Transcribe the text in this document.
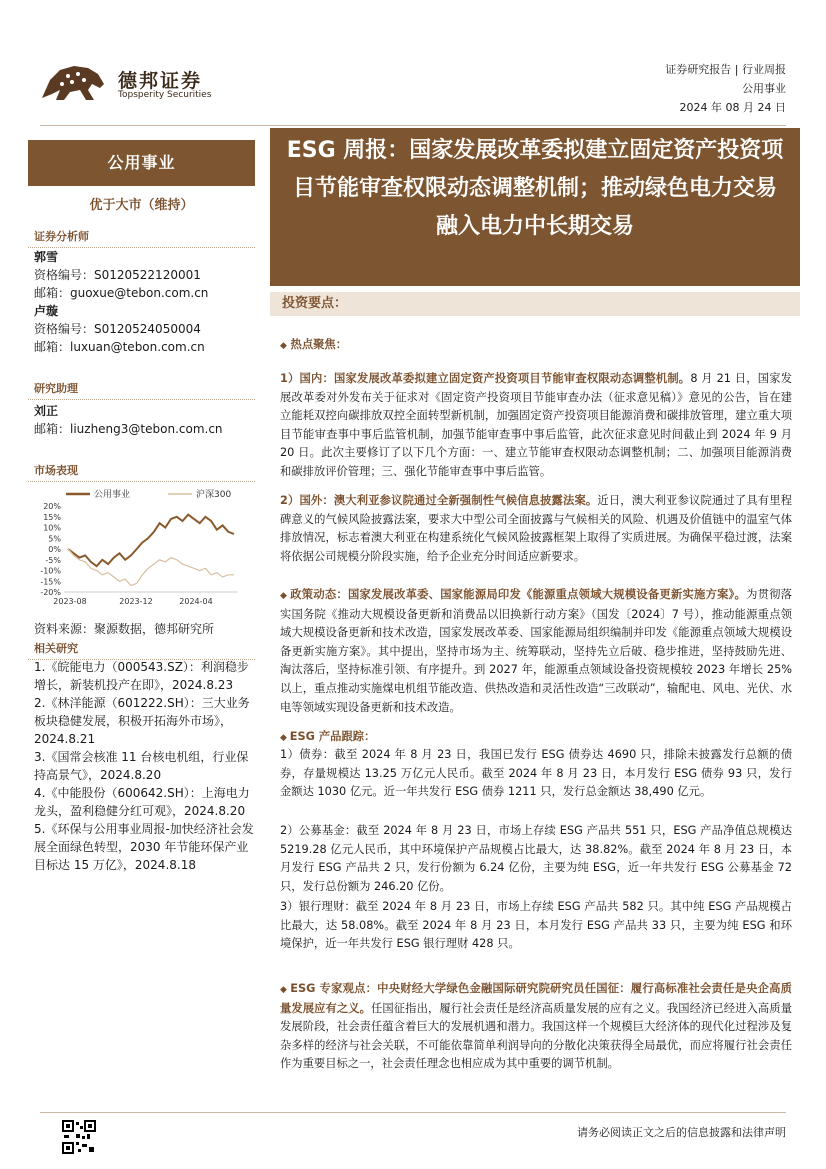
德邦证券
Topsperity Securities
证券研究报告 | 行业周报
公用事业
2024 年 08 月 24 日
公用事业
优于大市（维持）
证券分析师
郭雪
资格编号：S0120522120001
邮箱：guoxue@tebon.com.cn
卢璇
资格编号：S0120524050004
邮箱：luxuan@tebon.com.cn
研究助理
刘正
邮箱：liuzheng3@tebon.com.cn
市场表现
公用事业	沪深300
20%
15%
10%
5%
0%
-5%
-10%
-15%
-20%
2023-08	2023-12	2024-04
资料来源：聚源数据，德邦研究所
相关研究
1.《皖能电力（000543.SZ）：利润稳步增长，新装机投产在即》，2024.8.23
2.《林洋能源（601222.SH）：三大业务板块稳健发展，积极开拓海外市场》，2024.8.21
3.《国常会核准 11 台核电机组，行业保持高景气》，2024.8.20
4.《中能股份（600642.SH）：上海电力龙头，盈利稳健分红可观》，2024.8.20
5.《环保与公用事业周报-加快经济社会发展全面绿色转型，2030 年节能环保产业目标达 15 万亿》，2024.8.18
ESG 周报：国家发展改革委拟建立固定资产投资项目节能审查权限动态调整机制；推动绿色电力交易融入电力中长期交易
投资要点：
◆ 热点聚焦：
1）国内：国家发展改革委拟建立固定资产投资项目节能审查权限动态调整机制。8 月 21 日，国家发展改革委对外发布关于征求对《固定资产投资项目节能审查办法（征求意见稿）》意见的公告，旨在建立能耗双控向碳排放双控全面转型新机制，加强固定资产投资项目能源消费和碳排放管理，建立重大项目节能审查事中事后监管机制，加强节能审查事中事后监管，此次征求意见时间截止到 2024 年 9 月 20 日。此次主要修订了以下几个方面：一、建立节能审查权限动态调整机制；二、加强项目能源消费和碳排放评价管理；三、强化节能审查事中事后监管。
2）国外：澳大利亚参议院通过全新强制性气候信息披露法案。近日，澳大利亚参议院通过了具有里程碑意义的气候风险披露法案，要求大中型公司全面披露与气候相关的风险、机遇及价值链中的温室气体排放情况，标志着澳大利亚在构建系统化气候风险披露框架上取得了实质进展。为确保平稳过渡，法案将依据公司规模分阶段实施，给予企业充分时间适应新要求。
◆ 政策动态：国家发展改革委、国家能源局印发《能源重点领域大规模设备更新实施方案》。为贯彻落实国务院《推动大规模设备更新和消费品以旧换新行动方案》（国发〔2024〕7 号），推动能源重点领域大规模设备更新和技术改造，国家发展改革委、国家能源局组织编制并印发《能源重点领域大规模设备更新实施方案》。其中提出，坚持市场为主、统筹联动，坚持先立后破、稳步推进，坚持鼓励先进、淘汰落后，坚持标准引领、有序提升。到 2027 年，能源重点领域设备投资规模较 2023 年增长 25%以上，重点推动实施煤电机组节能改造、供热改造和灵活性改造“三改联动”，输配电、风电、光伏、水电等领域实现设备更新和技术改造。
◆ ESG 产品跟踪：
1）债券：截至 2024 年 8 月 23 日，我国已发行 ESG 债券达 4690 只，排除未披露发行总额的债券，存量规模达 13.25 万亿元人民币。截至 2024 年 8 月 23 日，本月发行 ESG 债券 93 只，发行金额达 1030 亿元。近一年共发行 ESG 债券 1211 只，发行总金额达 38,490 亿元。
2）公募基金：截至 2024 年 8 月 23 日，市场上存续 ESG 产品共 551 只，ESG 产品净值总规模达 5219.28 亿元人民币，其中环境保护产品规模占比最大，达 38.82%。截至 2024 年 8 月 23 日，本月发行 ESG 产品共 2 只，发行份额为 6.24 亿份，主要为纯 ESG，近一年共发行 ESG 公募基金 72 只，发行总份额为 246.20 亿份。
3）银行理财：截至 2024 年 8 月 23 日，市场上存续 ESG 产品共 582 只。其中纯 ESG 产品规模占比最大，达 58.08%。截至 2024 年 8 月 23 日，本月发行 ESG 产品共 33 只，主要为纯 ESG 和环境保护，近一年共发行 ESG 银行理财 428 只。
◆ ESG 专家观点：中央财经大学绿色金融国际研究院研究员任国征：履行高标准社会责任是央企高质量发展应有之义。任国征指出，履行社会责任是经济高质量发展的应有之义。我国经济已经进入高质量发展阶段，社会责任蕴含着巨大的发展机遇和潜力。我国这样一个规模巨大经济体的现代化过程涉及复杂多样的经济与社会关联，不可能依靠简单利润导向的分散化决策获得全局最优，而应将履行社会责任作为重要目标之一，社会责任理念也相应成为其中重要的调节机制。
请务必阅读正文之后的信息披露和法律声明
